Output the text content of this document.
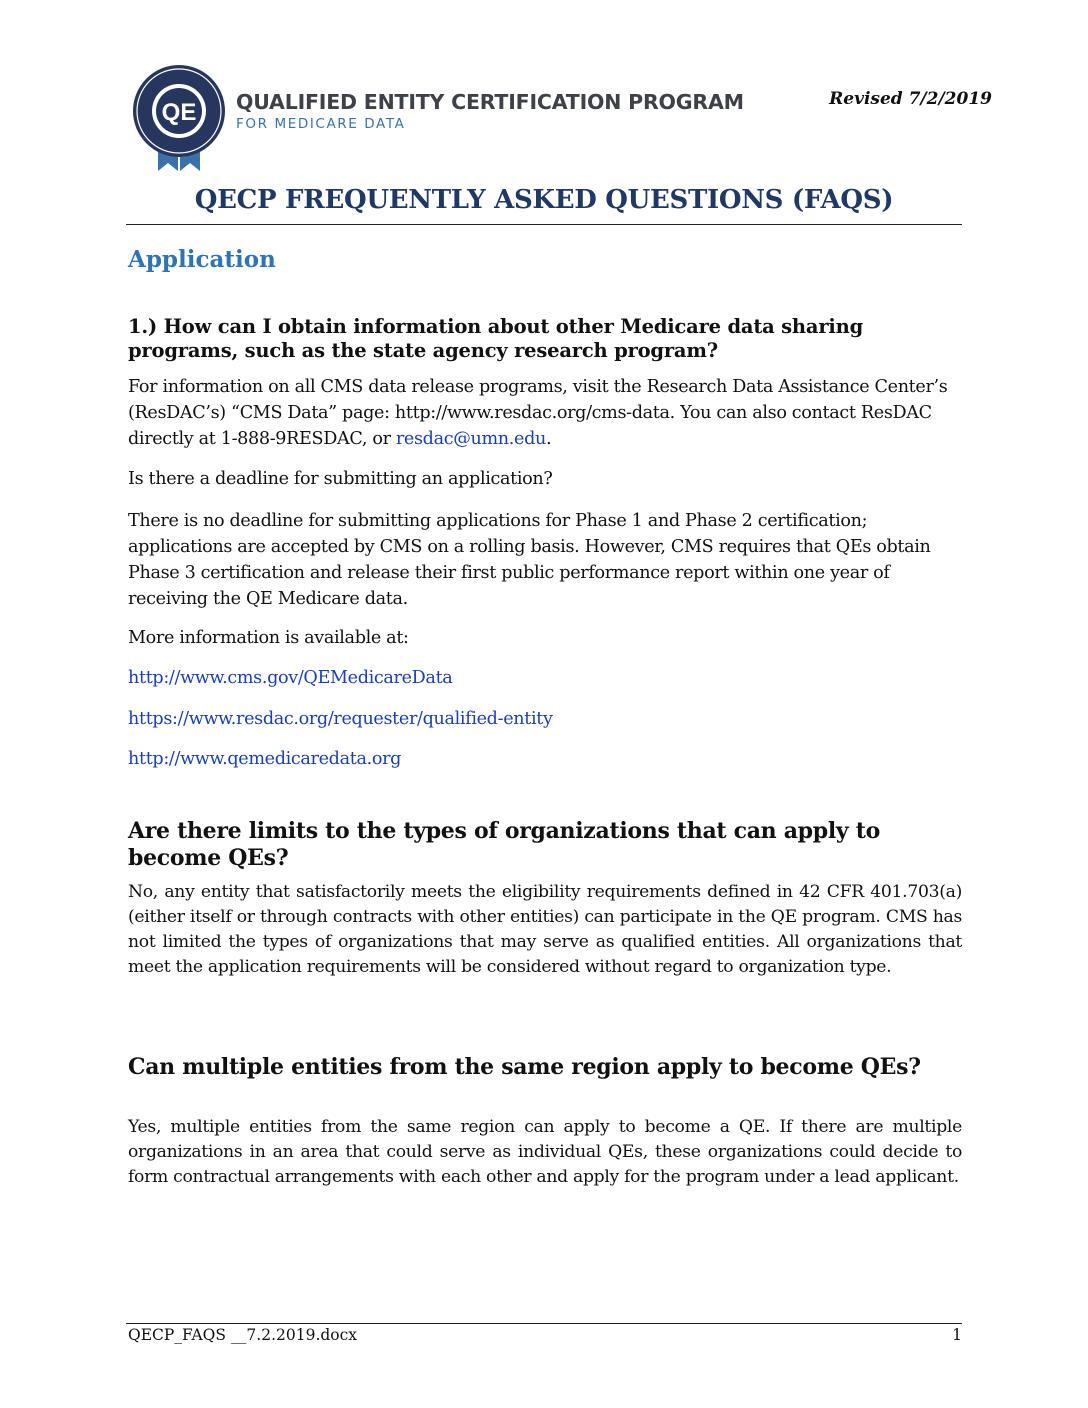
QE QUALIFIED ENTITY CERTIFICATION PROGRAM
FOR MEDICARE DATA
Revised 7/2/2019
QECP FREQUENTLY ASKED QUESTIONS (FAQS)
Application
1.) How can I obtain information about other Medicare data sharing programs, such as the state agency research program?
For information on all CMS data release programs, visit the Research Data Assistance Center’s (ResDAC’s) “CMS Data” page: http://www.resdac.org/cms-data. You can also contact ResDAC directly at 1-888-9RESDAC, or resdac@umn.edu.
Is there a deadline for submitting an application?
There is no deadline for submitting applications for Phase 1 and Phase 2 certification; applications are accepted by CMS on a rolling basis. However, CMS requires that QEs obtain Phase 3 certification and release their first public performance report within one year of receiving the QE Medicare data.
More information is available at:
http://www.cms.gov/QEMedicareData
https://www.resdac.org/requester/qualified-entity
http://www.qemedicaredata.org
Are there limits to the types of organizations that can apply to become QEs?
No, any entity that satisfactorily meets the eligibility requirements defined in 42 CFR 401.703(a) (either itself or through contracts with other entities) can participate in the QE program. CMS has not limited the types of organizations that may serve as qualified entities. All organizations that meet the application requirements will be considered without regard to organization type.
Can multiple entities from the same region apply to become QEs?
Yes, multiple entities from the same region can apply to become a QE. If there are multiple organizations in an area that could serve as individual QEs, these organizations could decide to form contractual arrangements with each other and apply for the program under a lead applicant.
QECP_FAQS __7.2.2019.docx	1
